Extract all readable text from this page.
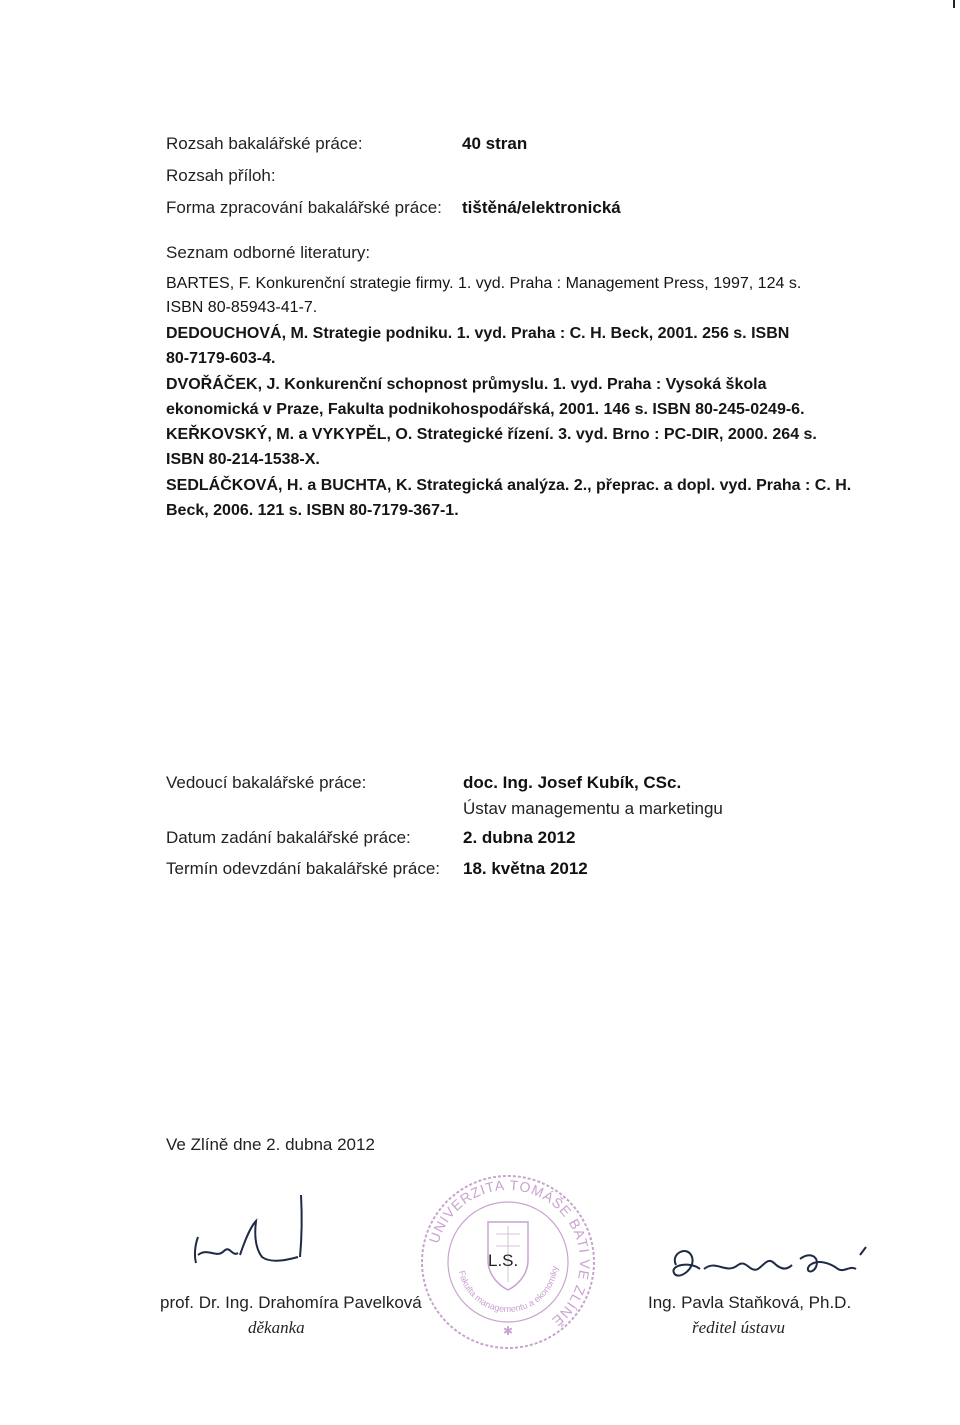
Rozsah bakalářské práce:	40 stran
Rozsah příloh:
Forma zpracování bakalářské práce: tištěná/elektronická
Seznam odborné literatury:
BARTES, F. Konkurenční strategie firmy. 1. vyd. Praha : Management Press, 1997, 124 s.
ISBN 80-85943-41-7.
DEDOUCHOVÁ, M. Strategie podniku. 1. vyd. Praha : C. H. Beck, 2001. 256 s. ISBN
80-7179-603-4.
DVOŘÁČEK, J. Konkurenční schopnost průmyslu. 1. vyd. Praha : Vysoká škola
ekonomická v Praze, Fakulta podnikohospodářská, 2001. 146 s. ISBN 80-245-0249-6.
KEŘKOVSKÝ, M. a VYKYPĚL, O. Strategické řízení. 3. vyd. Brno : PC-DIR, 2000. 264 s.
ISBN 80-214-1538-X.
SEDLÁČKOVÁ, H. a BUCHTA, K. Strategická analýza. 2., přeprac. a dopl. vyd. Praha : C. H.
Beck, 2006. 121 s. ISBN 80-7179-367-1.
Vedoucí bakalářské práce:	doc. Ing. Josef Kubík, CSc.
Ústav managementu a marketingu
Datum zadání bakalářské práce:	2. dubna 2012
Termín odevzdání bakalářské práce: 18. května 2012
Ve Zlíně dne 2. dubna 2012
prof. Dr. Ing. Drahomíra Pavelková
děkanka
UNIVERZITA TOMÁŠE BATI VE ZLÍNĚ
Fakulta managementu a ekonomiky
✱
L.S.
Ing. Pavla Staňková, Ph.D.
ředitel ústavu
